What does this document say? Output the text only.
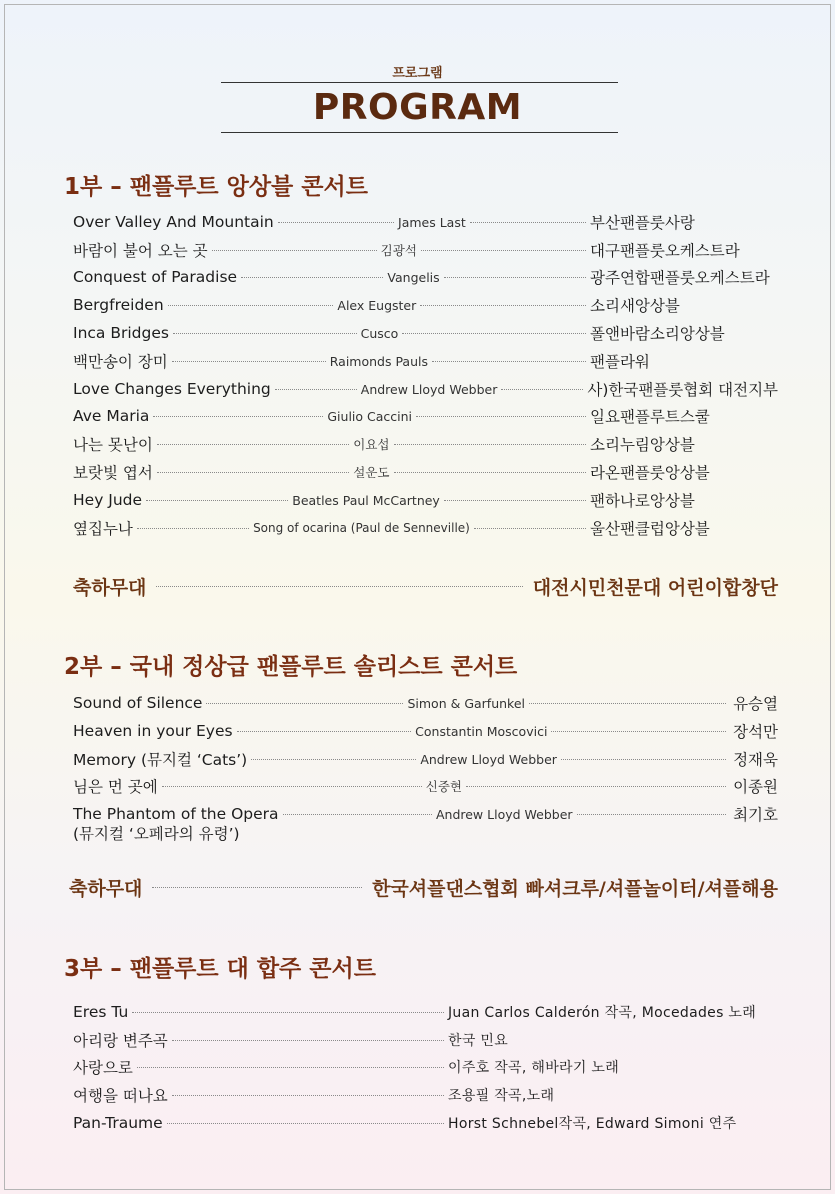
프로그램
PROGRAM
1부 – 팬플루트 앙상블 콘서트
Over Valley And Mountain	James Last	부산팬플룻사랑
바람이 불어 오는 곳	김광석	대구팬플룻오케스트라
Conquest of Paradise	Vangelis	광주연합팬플룻오케스트라
Bergfreiden	Alex Eugster	소리새앙상블
Inca Bridges	Cusco	폴앤바람소리앙상블
백만송이 장미	Raimonds Pauls	팬플라워
Love Changes Everything	Andrew Lloyd Webber	사)한국팬플룻협회 대전지부
Ave Maria	Giulio Caccini	일요팬플루트스쿨
나는 못난이	이요섭	소리누림앙상블
보랏빛 엽서	설운도	라온팬플룻앙상블
Hey Jude	Beatles Paul McCartney	팬하나로앙상블
옆집누나	Song of ocarina (Paul de Senneville)	울산팬클럽앙상블
축하무대	대전시민천문대 어린이합창단
2부 – 국내 정상급 팬플루트 솔리스트 콘서트
Sound of Silence	Simon & Garfunkel	유승열
Heaven in your Eyes	Constantin Moscovici	장석만
Memory (뮤지컬 ‘Cats’)	Andrew Lloyd Webber	정재욱
님은 먼 곳에	신중현	이종원
The Phantom of the Opera	Andrew Lloyd Webber	최기호
(뮤지컬 ‘오페라의 유령’)
축하무대	한국셔플댄스협회 빠셔크루/셔플놀이터/셔플해용
3부 – 팬플루트 대 합주 콘서트
Eres Tu	Juan Carlos Calderón 작곡, Mocedades 노래
아리랑 변주곡	한국 민요
사랑으로	이주호 작곡, 해바라기 노래
여행을 떠나요	조용필 작곡,노래
Pan-Traume	Horst Schnebel작곡, Edward Simoni 연주
